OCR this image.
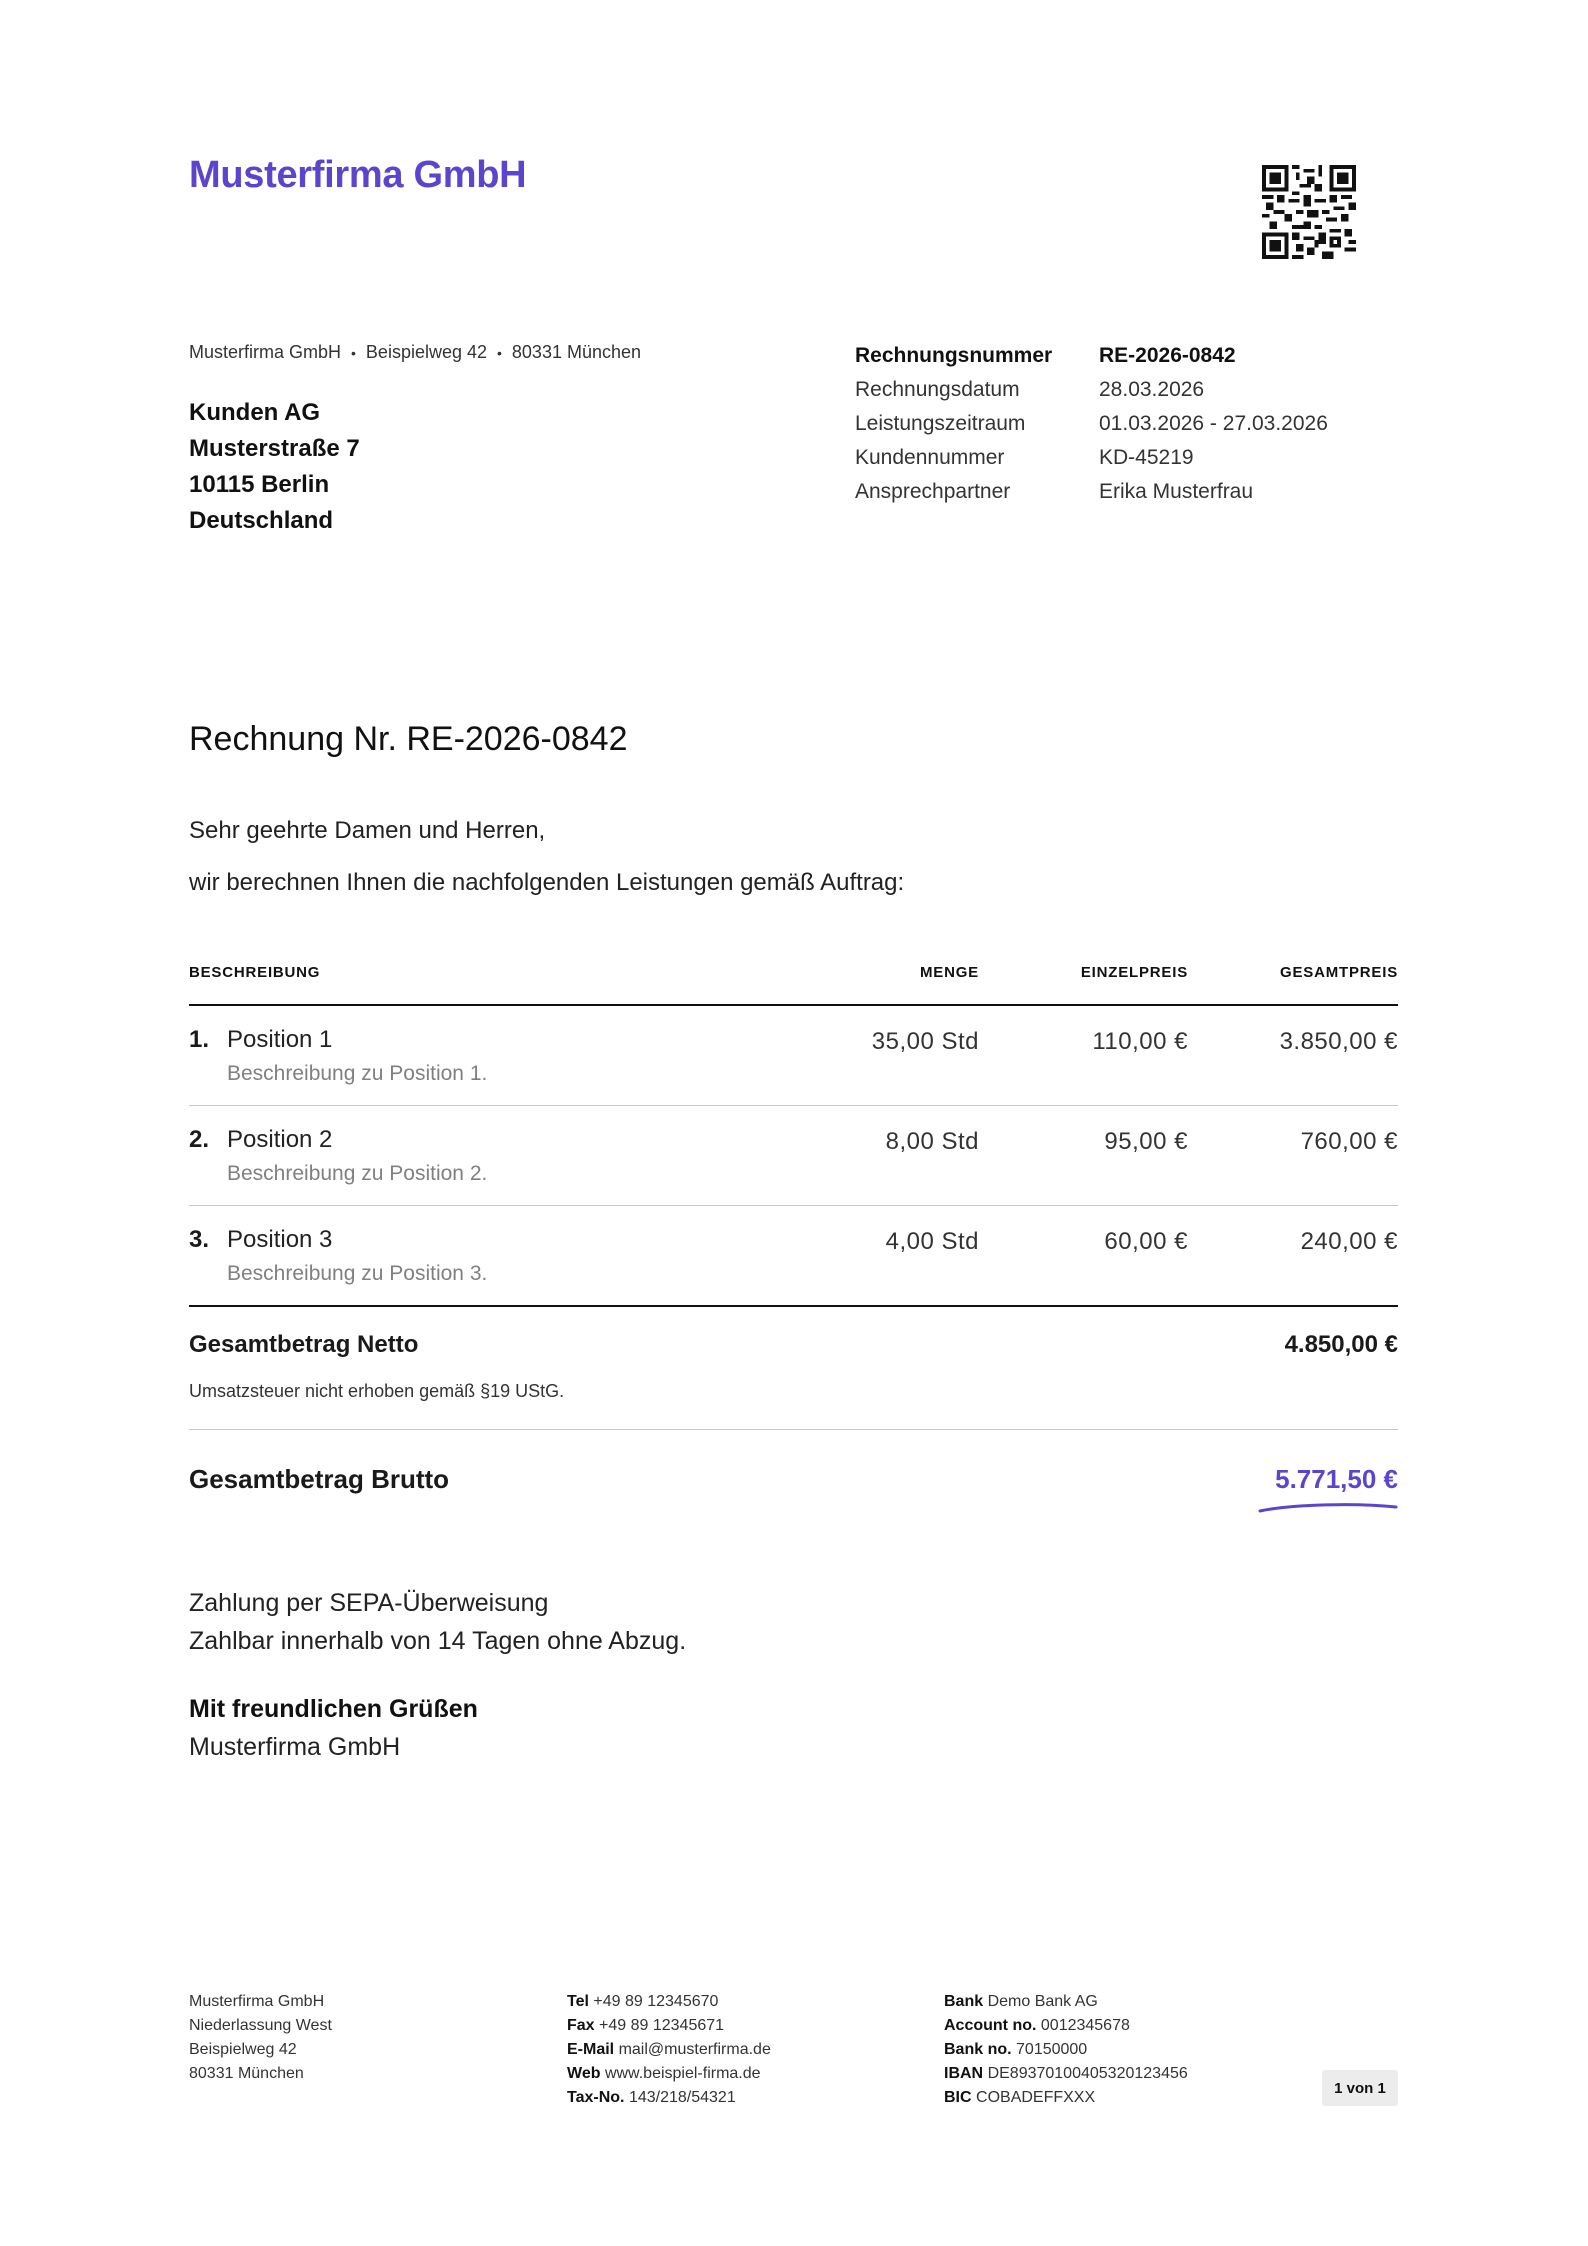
Musterfirma GmbH
Musterfirma GmbH • Beispielweg 42 • 80331 München
Kunden AG
Musterstraße 7
10115 Berlin
Deutschland
Rechnungsnummer	RE-2026-0842
Rechnungsdatum	28.03.2026
Leistungszeitraum	01.03.2026 - 27.03.2026
Kundennummer	KD-45219
Ansprechpartner	Erika Musterfrau
Rechnung Nr. RE-2026-0842
Sehr geehrte Damen und Herren,
wir berechnen Ihnen die nachfolgenden Leistungen gemäß Auftrag:
BESCHREIBUNG	MENGE	EINZELPREIS	GESAMTPREIS
1. Position 1
Beschreibung zu Position 1.
35,00 Std	110,00 €	3.850,00 €
2. Position 2
Beschreibung zu Position 2.
8,00 Std	95,00 €	760,00 €
3. Position 3
Beschreibung zu Position 3.
4,00 Std	60,00 €	240,00 €
Gesamtbetrag Netto	4.850,00 €
Umsatzsteuer nicht erhoben gemäß §19 UStG.
Gesamtbetrag Brutto	5.771,50 €
Zahlung per SEPA-Überweisung
Zahlbar innerhalb von 14 Tagen ohne Abzug.
Mit freundlichen Grüßen
Musterfirma GmbH
Musterfirma GmbH
Niederlassung West
Beispielweg 42
80331 München
Tel +49 89 12345670
Fax +49 89 12345671
E-Mail mail@musterfirma.de
Web www.beispiel-firma.de
Tax-No. 143/218/54321
Bank Demo Bank AG
Account no. 0012345678
Bank no. 70150000
IBAN DE89370100405320123456
BIC COBADEFFXXX
1 von 1
